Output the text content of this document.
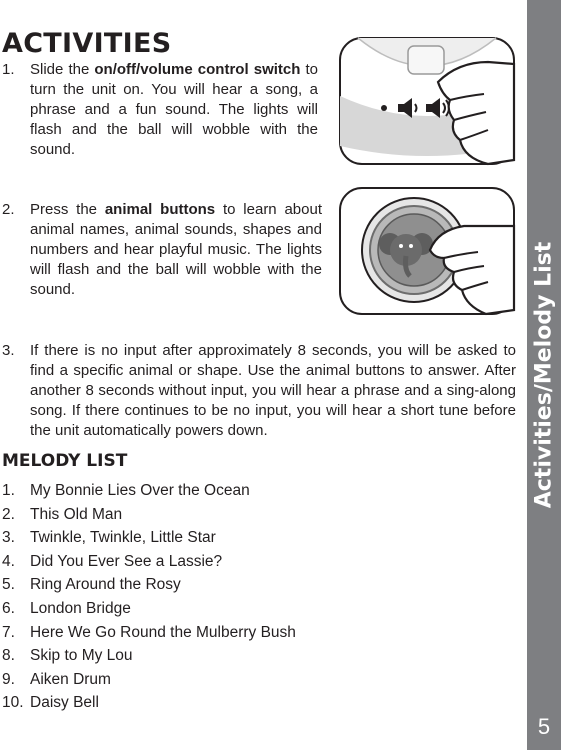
ACTIVITIES
1. Slide the on/off/volume control switch to turn the unit on. You will hear a song, a phrase and a fun sound. The lights will flash and the ball will wobble with the sound.
2. Press the animal buttons to learn about animal names, animal sounds, shapes and numbers and hear playful music. The lights will flash and the ball will wobble with the sound.
3. If there is no input after approximately 8 seconds, you will be asked to find a specific animal or shape. Use the animal buttons to answer. After another 8 seconds without input, you will hear a phrase and a sing-along song. If there continues to be no input, you will hear a short tune before the unit automatically powers down.
MELODY LIST
1. My Bonnie Lies Over the Ocean
2. This Old Man
3. Twinkle, Twinkle, Little Star
4. Did You Ever See a Lassie?
5. Ring Around the Rosy
6. London Bridge
7. Here We Go Round the Mulberry Bush
8. Skip to My Lou
9. Aiken Drum
10. Daisy Bell
Activities/Melody List
5
